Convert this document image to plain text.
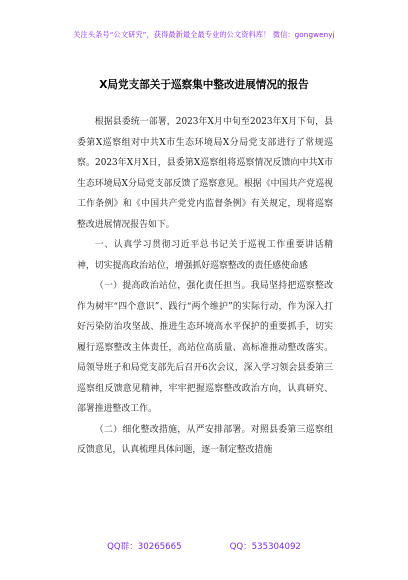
关注头条号“公文研究”，获得最新最全最专业的公文资料库！ 微信：gongwenyj
X局党支部关于巡察集中整改进展情况的报告

根据县委统一部署，2023年X月中旬至2023年X月下旬，县委第X巡察组对中共X市生态环境局X分局党支部进行了常规巡察。2023年X月X日，县委第X巡察组将巡察情况反馈向中共X市生态环境局X分局党支部反馈了巡察意见。根据《中国共产党巡视工作条例》和《中国共产党党内监督条例》有关规定，现将巡察整改进展情况报告如下。

一、认真学习贯彻习近平总书记关于巡视工作重要讲话精神，切实提高政治站位，增强抓好巡察整改的责任感使命感

（一）提高政治站位，强化责任担当。我局坚持把巡察整改作为树牢“四个意识”、践行“两个维护”的实际行动，作为深入打好污染防治攻坚战、推进生态环境高水平保护的重要抓手，切实履行巡察整改主体责任，高站位高质量、高标准推动整改落实。局领导班子和局党支部先后召开6次会议，深入学习领会县委第三巡察组反馈意见精神，牢牢把握巡察整改政治方向，认真研究、部署推进整改工作。

（二）细化整改措施，从严安排部署。对照县委第三巡察组反馈意见，认真梳理具体问题，逐一制定整改措施

QQ群：30265665	QQ：535304092
